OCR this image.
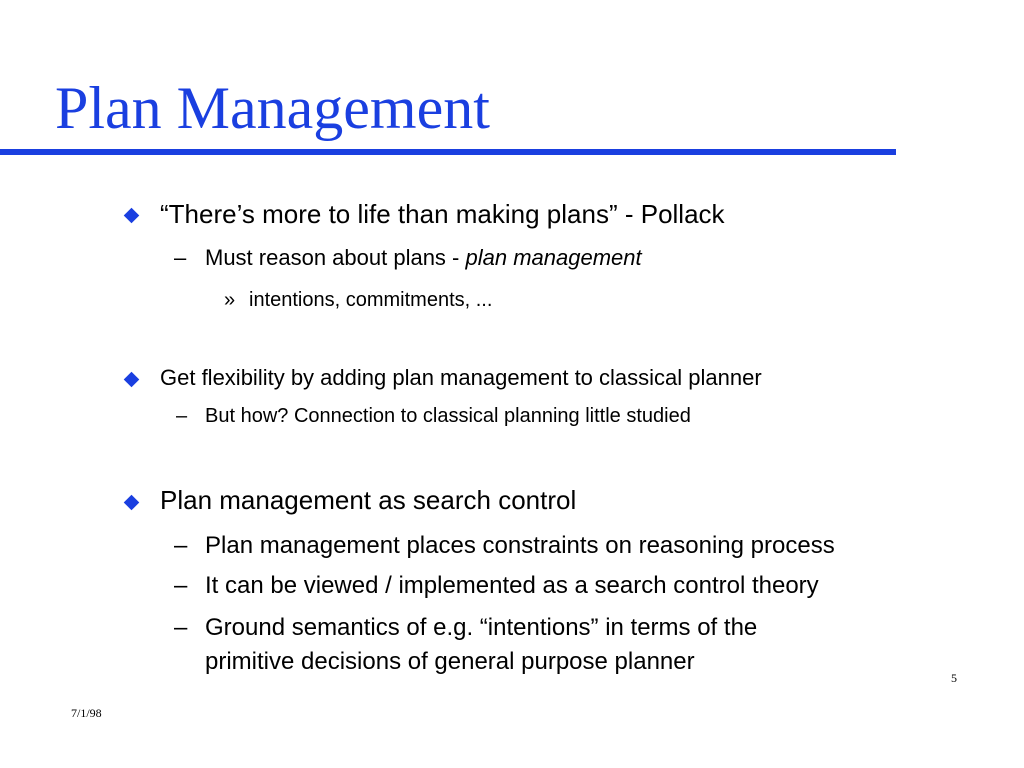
Plan Management
“There’s more to life than making plans” - Pollack
– Must reason about plans - plan management
» intentions, commitments, ...
Get flexibility by adding plan management to classical planner
– But how? Connection to classical planning little studied
Plan management as search control
– Plan management places constraints on reasoning process
– It can be viewed / implemented as a search control theory
– Ground semantics of e.g. “intentions” in terms of the
primitive decisions of general purpose planner
7/1/98
5
